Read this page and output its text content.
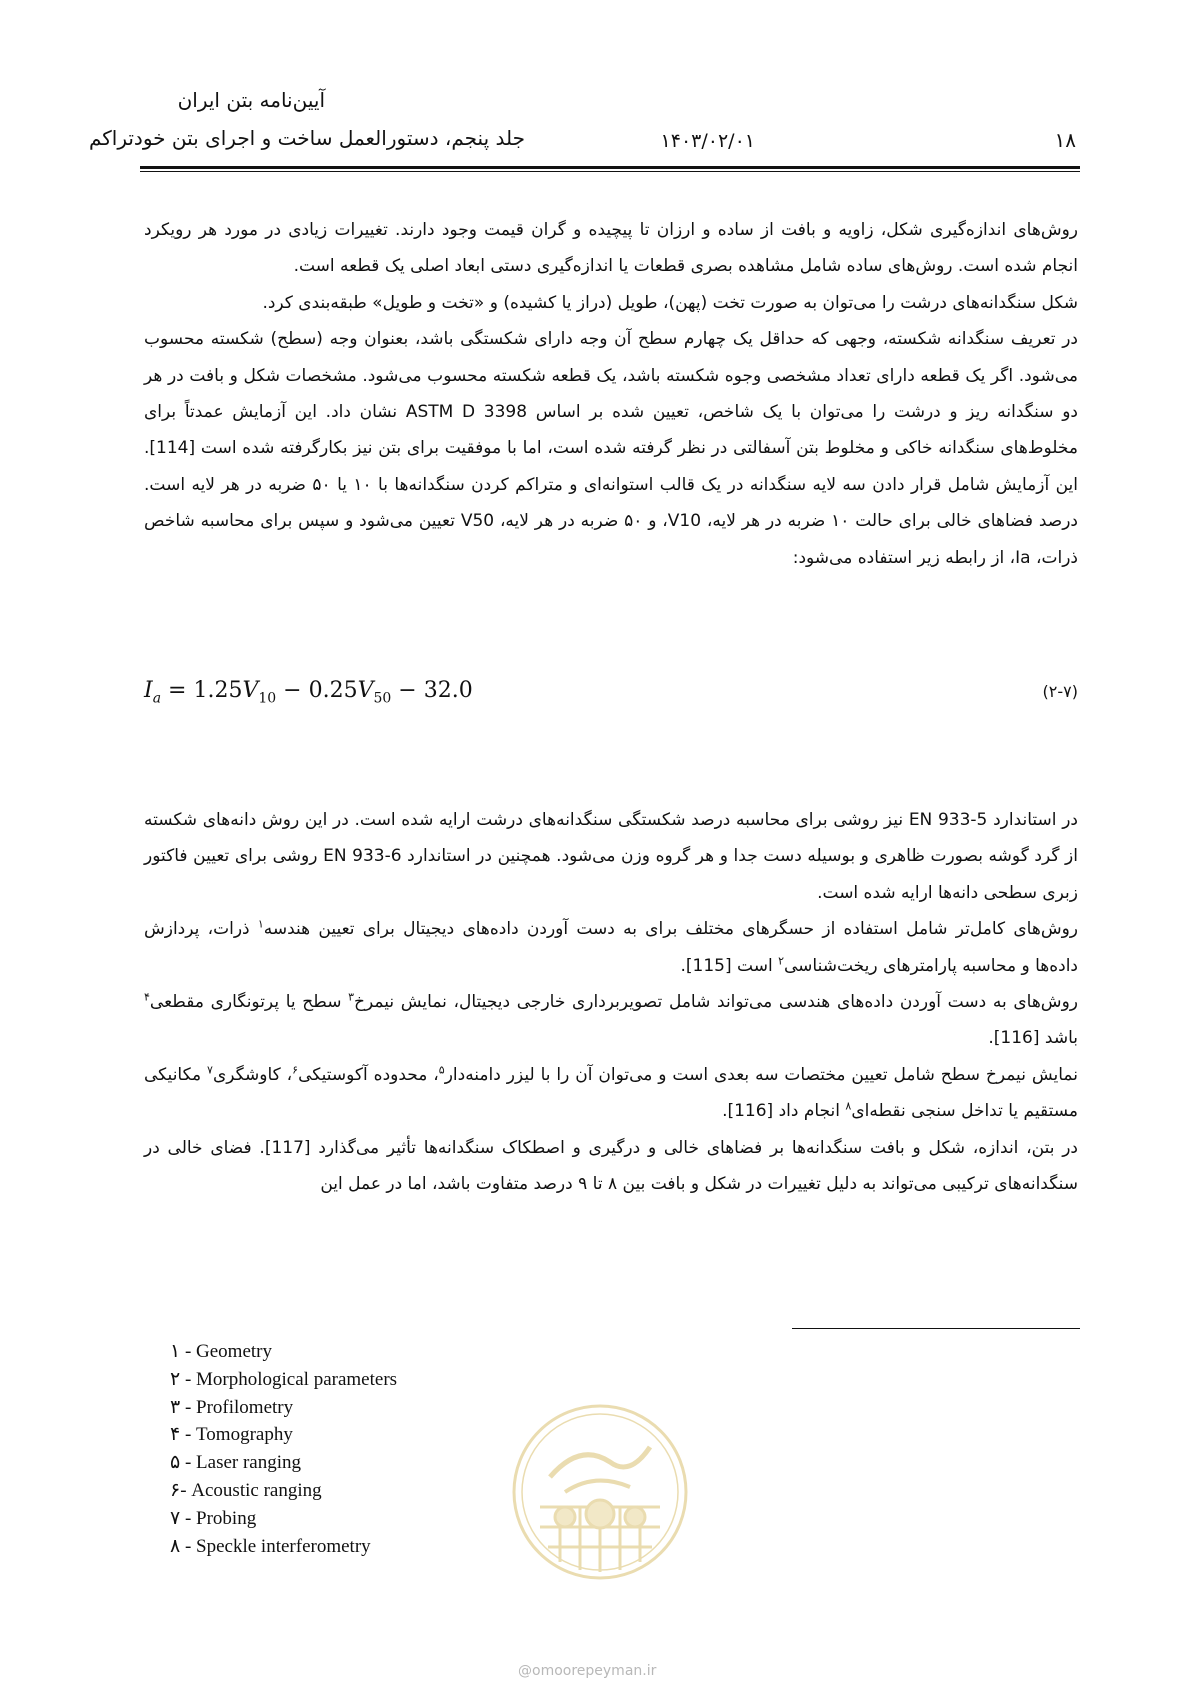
آیین‌نامه بتن ایران
جلد پنجم، دستورالعمل ساخت و اجرای بتن خودتراکم	۱۴۰۳/۰۲/۰۱	۱۸

روش‌های اندازه‌گیری شکل، زاویه و بافت از ساده و ارزان تا پیچیده و گران قیمت وجود دارند. تغییرات زیادی در مورد هر رویکرد انجام شده است. روش‌های ساده شامل مشاهده بصری قطعات یا اندازه‌گیری دستی ابعاد اصلی یک قطعه است.

شکل سنگدانه‌های درشت را می‌توان به صورت تخت (پهن)، طویل (دراز یا کشیده) و «تخت و طویل» طبقه‌بندی کرد.

در تعریف سنگدانه شکسته، وجهی که حداقل یک چهارم سطح آن وجه دارای شکستگی باشد، بعنوان وجه (سطح) شکسته محسوب می‌شود. اگر یک قطعه دارای تعداد مشخصی وجوه شکسته باشد، یک قطعه شکسته محسوب می‌شود. مشخصات شکل و بافت در هر دو سنگدانه ریز و درشت را می‌توان با یک شاخص، تعیین شده بر اساس ASTM D 3398 نشان داد. این آزمایش عمدتاً برای مخلوط‌های سنگدانه خاکی و مخلوط بتن آسفالتی در نظر گرفته شده است، اما با موفقیت برای بتن نیز بکارگرفته شده است [114]. این آزمایش شامل قرار دادن سه لایه سنگدانه در یک قالب استوانه‌ای و متراکم کردن سنگدانه‌ها با ۱۰ یا ۵۰ ضربه در هر لایه است. درصد فضاهای خالی برای حالت ۱۰ ضربه در هر لایه، V10، و ۵۰ ضربه در هر لایه، V50 تعیین می‌شود و سپس برای محاسبه شاخص ذرات، Ia، از رابطه زیر استفاده می‌شود:

$I_a = 1.25V_{10} - 0.25V_{50} - 32.0$	(۲-۷)

در استاندارد EN 933-5 نیز روشی برای محاسبه درصد شکستگی سنگدانه‌های درشت ارایه شده است. در این روش دانه‌های شکسته از گرد گوشه بصورت ظاهری و بوسیله دست جدا و هر گروه وزن می‌شود. همچنین در استاندارد EN 933-6 روشی برای تعیین فاکتور زبری سطحی دانه‌ها ارایه شده است.

روش‌های کامل‌تر شامل استفاده از حسگرهای مختلف برای به دست آوردن داده‌های دیجیتال برای تعیین هندسه$^۱$ ذرات، پردازش داده‌ها و محاسبه پارامترهای ریخت‌شناسی$^۲$ است [115].

روش‌های به دست آوردن داده‌های هندسی می‌تواند شامل تصویربرداری خارجی دیجیتال، نمایش نیمرخ$^۳$ سطح یا پرتونگاری مقطعی$^۴$ باشد [116].

نمایش نیمرخ سطح شامل تعیین مختصات سه بعدی است و می‌توان آن را با لیزر دامنه‌دار$^۵$، محدوده آکوستیکی$^۶$، کاوشگری$^۷$ مکانیکی مستقیم یا تداخل سنجی نقطه‌ای$^۸$ انجام داد [116].

در بتن، اندازه، شکل و بافت سنگدانه‌ها بر فضاهای خالی و درگیری و اصطکاک سنگدانه‌ها تأثیر می‌گذارد [117]. فضای خالی در سنگدانه‌های ترکیبی می‌تواند به دلیل تغییرات در شکل و بافت بین ۸ تا ۹ درصد متفاوت باشد، اما در عمل این

۱ - Geometry
۲ - Morphological parameters
۳ - Profilometry
۴ - Tomography
۵ - Laser ranging
۶- Acoustic ranging
۷ - Probing
۸ - Speckle interferometry
@omoorepeyman.ir
